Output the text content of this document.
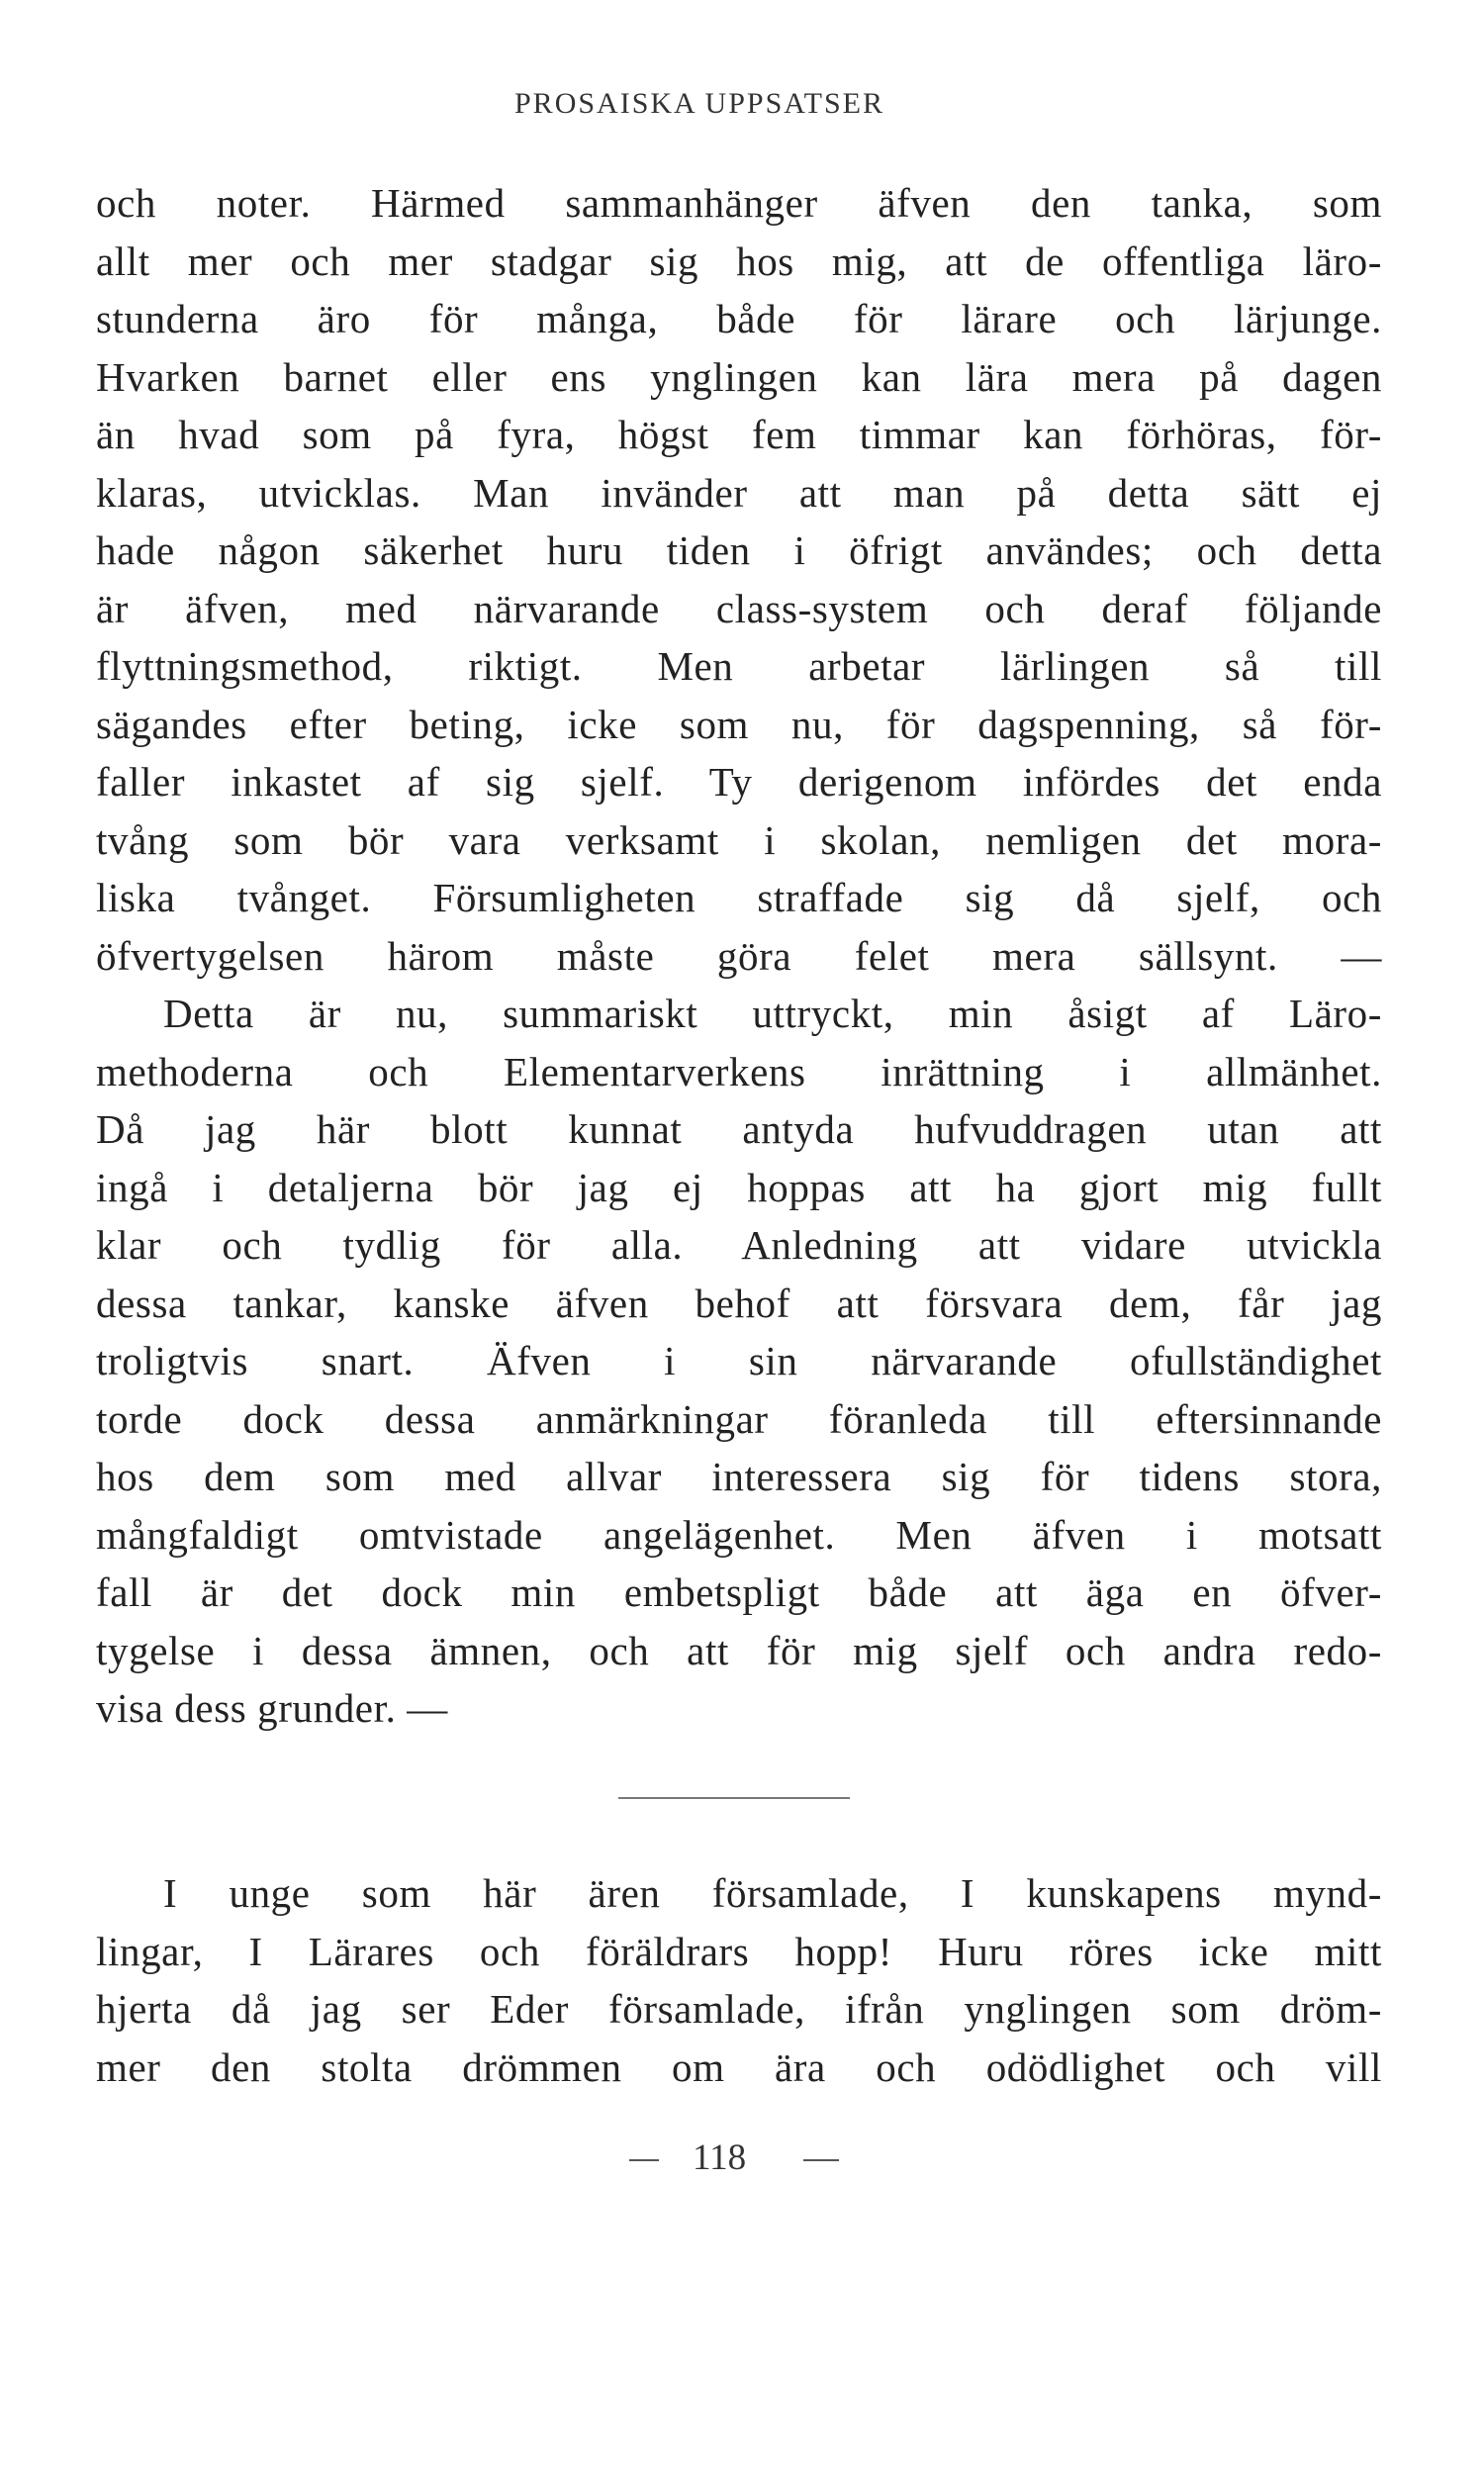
PROSAISKA UPPSATSER
och noter. Härmed sammanhänger äfven den tanka, som
allt mer och mer stadgar sig hos mig, att de offentliga läro-
stunderna äro för många, både för lärare och lärjunge.
Hvarken barnet eller ens ynglingen kan lära mera på dagen
än hvad som på fyra, högst fem timmar kan förhöras, för-
klaras, utvicklas. Man invänder att man på detta sätt ej
hade någon säkerhet huru tiden i öfrigt användes; och detta
är äfven, med närvarande class-system och deraf följande
flyttningsmethod, riktigt. Men arbetar lärlingen så till
sägandes efter beting, icke som nu, för dagspenning, så för-
faller inkastet af sig sjelf. Ty derigenom infördes det enda
tvång som bör vara verksamt i skolan, nemligen det mora-
liska tvånget. Försumligheten straffade sig då sjelf, och
öfvertygelsen härom måste göra felet mera sällsynt. —
Detta är nu, summariskt uttryckt, min åsigt af Läro-
methoderna och Elementarverkens inrättning i allmänhet.
Då jag här blott kunnat antyda hufvuddragen utan att
ingå i detaljerna bör jag ej hoppas att ha gjort mig fullt
klar och tydlig för alla. Anledning att vidare utvickla
dessa tankar, kanske äfven behof att försvara dem, får jag
troligtvis snart. Äfven i sin närvarande ofullständighet
torde dock dessa anmärkningar föranleda till eftersinnande
hos dem som med allvar interessera sig för tidens stora,
mångfaldigt omtvistade angelägenhet. Men äfven i motsatt
fall är det dock min embetspligt både att äga en öfver-
tygelse i dessa ämnen, och att för mig sjelf och andra redo-
visa dess grunder. —
I unge som här ären församlade, I kunskapens mynd-
lingar, I Lärares och föräldrars hopp! Huru röres icke mitt
hjerta då jag ser Eder församlade, ifrån ynglingen som dröm-
mer den stolta drömmen om ära och odödlighet och vill
118
